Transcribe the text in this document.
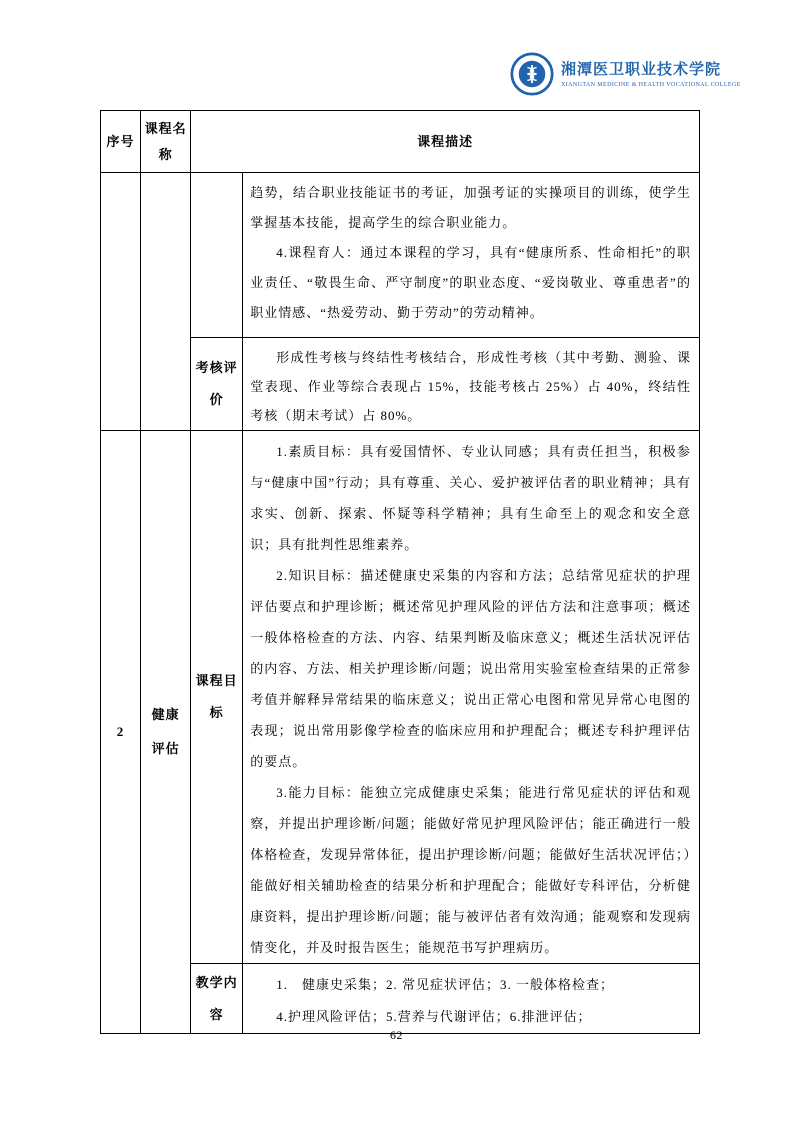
湘潭医卫职业技术学院
XIANGTAN MEDICINE & HEALTH VOCATIONAL COLLEGE
序号	课程名称	课程描述	

			趋势，结合职业技能证书的考证，加强考证的实操项目的训练，使学生掌握基本技能，提高学生的综合职业能力。

4.课程育人：通过本课程的学习，具有“健康所系、性命相托”的职业责任、“敬畏生命、严守制度”的职业态度、“爱岗敬业、尊重患者”的职业情感、“热爱劳动、勤于劳动”的劳动精神。

		考核评价	形成性考核与终结性考核结合，形成性考核（其中考勤、测验、课堂表现、作业等综合表现占 15%，技能考核占 25%）占 40%，终结性考核（期末考试）占 80%。

2	健康评估	课程目标	1.素质目标：具有爱国情怀、专业认同感；具有责任担当，积极参与“健康中国”行动；具有尊重、关心、爱护被评估者的职业精神；具有求实、创新、探索、怀疑等科学精神；具有生命至上的观念和安全意识；具有批判性思维素养。

2.知识目标：描述健康史采集的内容和方法；总结常见症状的护理评估要点和护理诊断；概述常见护理风险的评估方法和注意事项；概述一般体格检查的方法、内容、结果判断及临床意义；概述生活状况评估的内容、方法、相关护理诊断/问题；说出常用实验室检查结果的正常参考值并解释异常结果的临床意义；说出正常心电图和常见异常心电图的表现；说出常用影像学检查的临床应用和护理配合；概述专科护理评估的要点。

3.能力目标：能独立完成健康史采集；能进行常见症状的评估和观察，并提出护理诊断/问题；能做好常见护理风险评估；能正确进行一般体格检查，发现异常体征，提出护理诊断/问题；能做好生活状况评估；）能做好相关辅助检查的结果分析和护理配合；能做好专科评估，分析健康资料，提出护理诊断/问题；能与被评估者有效沟通；能观察和发现病情变化，并及时报告医生；能规范书写护理病历。

		教学内容	1.　健康史采集；2. 常见症状评估；3. 一般体格检查；

4.护理风险评估；5.营养与代谢评估；6.排泄评估；

62
